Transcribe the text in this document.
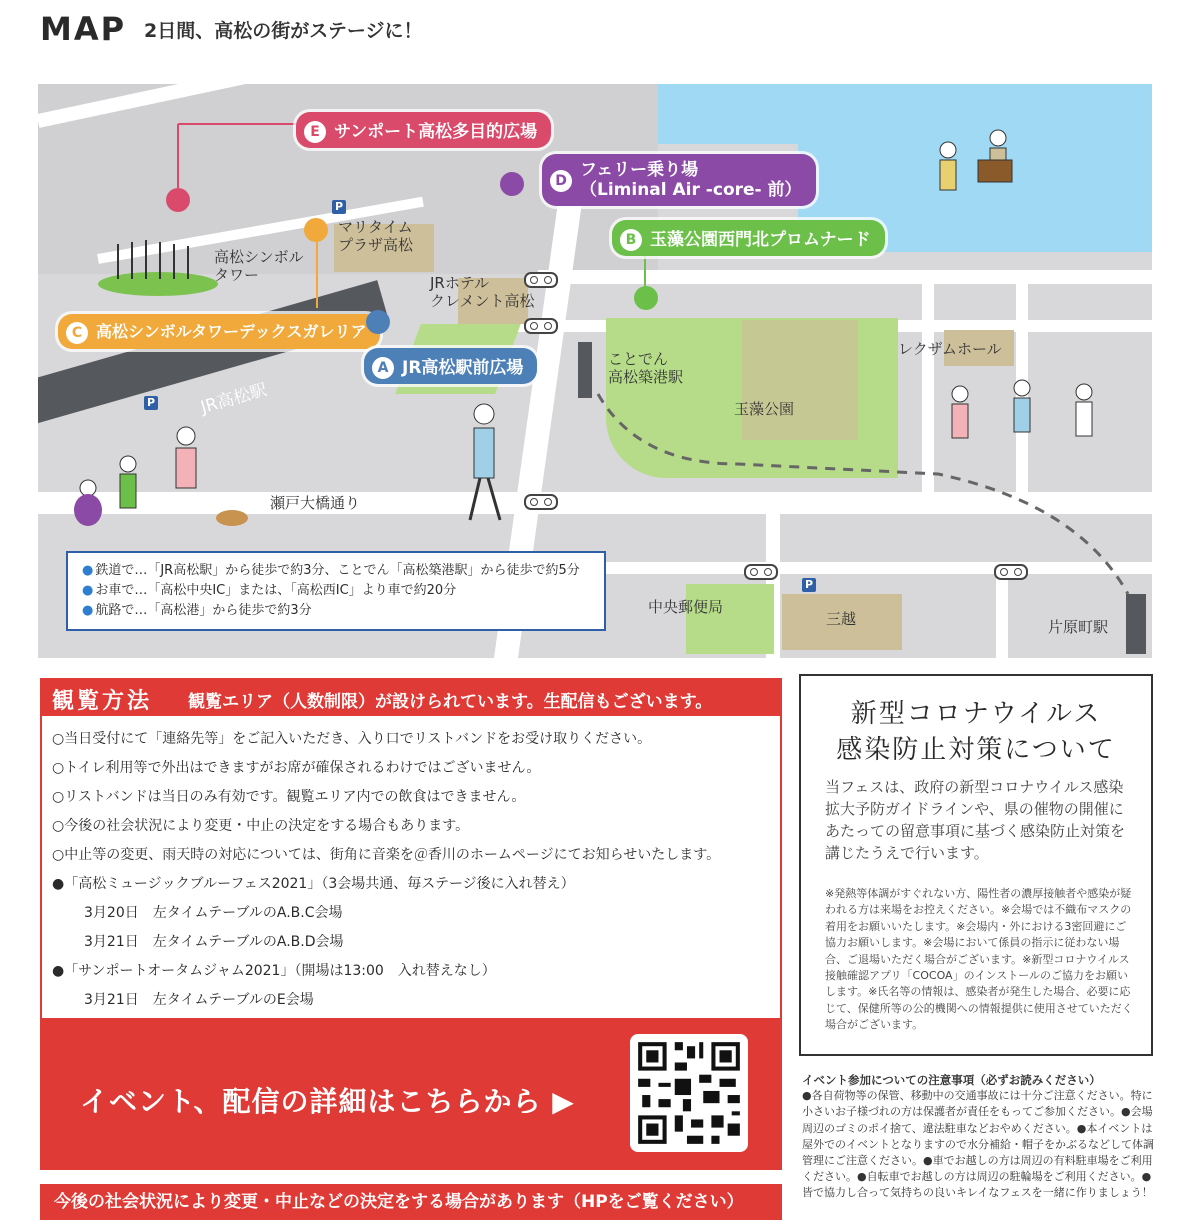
MAP 2日間、高松の街がステージに！
E サンポート高松多目的広場
D
フェリー乗り場
（Liminal Air -core- 前）
B 玉藻公園西門北プロムナード
C 高松シンボルタワーデックスガレリア
A JR高松駅前広場
高松シンボル
タワー
マリタイム
プラザ高松
JRホテル
クレメント高松
JR高松駅
ことでん
高松築港駅
玉藻公園
レクザムホール
瀬戸大橋通り
中央郵便局
三越	片原町駅
P
P
P
● 鉄道で…「JR高松駅」から徒歩で約3分、ことでん「高松築港駅」から徒歩で約5分
● お車で…「高松中央IC」または、「高松西IC」より車で約20分
● 航路で…「高松港」から徒歩で約3分
観覧方法 観覧エリア（人数制限）が設けられています。生配信もございます。
○当日受付にて「連絡先等」をご記入いただき、入り口でリストバンドをお受け取りください。
○トイレ利用等で外出はできますがお席が確保されるわけではございません。
○リストバンドは当日のみ有効です。観覧エリア内での飲食はできません。
○今後の社会状況により変更・中止の決定をする場合もあります。
○中止等の変更、雨天時の対応については、街角に音楽を＠香川のホームページにてお知らせいたします。
●「高松ミュージックブルーフェス2021」（3会場共通、毎ステージ後に入れ替え）
3月20日　左タイムテーブルのA.B.C会場
3月21日　左タイムテーブルのA.B.D会場
●「サンポートオータムジャム2021」（開場は13:00　入れ替えなし）
3月21日　左タイムテーブルのE会場
イベント、配信の詳細はこちらから ▶
今後の社会状況により変更・中止などの決定をする場合があります（HPをご覧ください）
新型コロナウイルス
感染防止対策について
当フェスは、政府の新型コロナウイルス感染拡大予防ガイドラインや、県の催物の開催にあたっての留意事項に基づく感染防止対策を講じたうえで行います。
※発熱等体調がすぐれない方、陽性者の濃厚接触者や感染が疑われる方は来場をお控えください。※会場では不織布マスクの着用をお願いいたします。※会場内・外における3密回避にご協力お願いします。※会場において係員の指示に従わない場合、ご退場いただく場合がございます。※新型コロナウイルス接触確認アプリ「COCOA」のインストールのご協力をお願いします。※氏名等の情報は、感染者が発生した場合、必要に応じて、保健所等の公的機関への情報提供に使用させていただく場合がございます。
イベント参加についての注意事項（必ずお読みください）
●各自荷物等の保管、移動中の交通事故には十分ご注意ください。特に小さいお子様づれの方は保護者が責任をもってご参加ください。●会場周辺のゴミのポイ捨て、違法駐車などおやめください。●本イベントは屋外でのイベントとなりますので水分補給・帽子をかぶるなどして体調管理にご注意ください。●車でお越しの方は周辺の有料駐車場をご利用ください。●自転車でお越しの方は周辺の駐輪場をご利用ください。●皆で協力し合って気持ちの良いキレイなフェスを一緒に作りましょう！
